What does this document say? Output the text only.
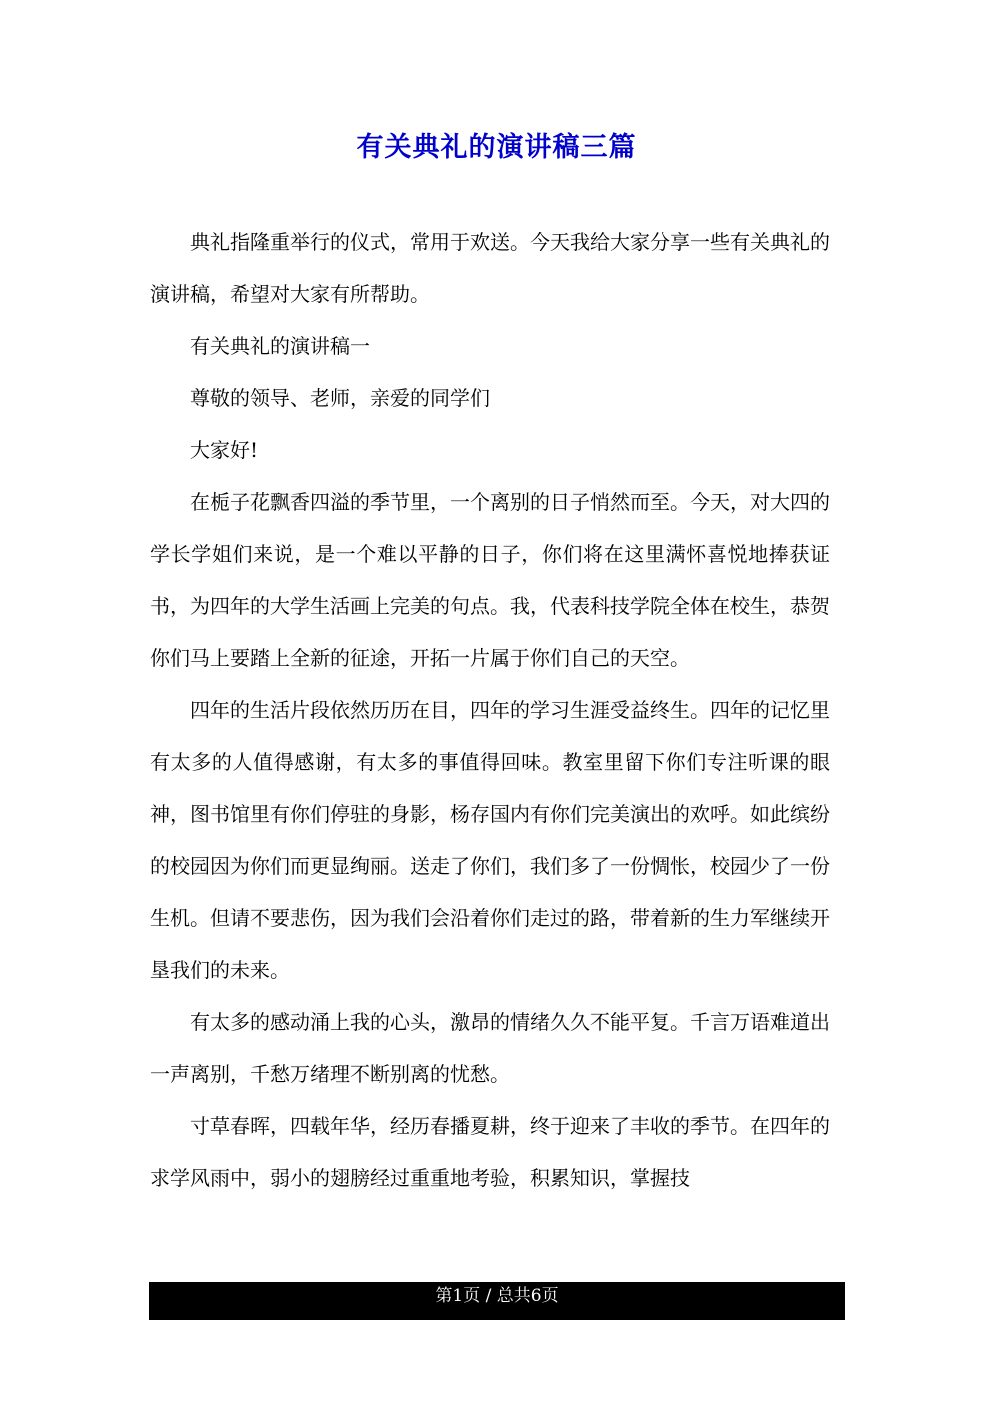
有关典礼的演讲稿三篇

典礼指隆重举行的仪式，常用于欢送。今天我给大家分享一些有关典礼的演讲稿，希望对大家有所帮助。

有关典礼的演讲稿一

尊敬的领导、老师，亲爱的同学们

大家好!

在栀子花飘香四溢的季节里，一个离别的日子悄然而至。今天，对大四的学长学姐们来说，是一个难以平静的日子，你们将在这里满怀喜悦地捧获证书，为四年的大学生活画上完美的句点。我，代表科技学院全体在校生，恭贺你们马上要踏上全新的征途，开拓一片属于你们自己的天空。

四年的生活片段依然历历在目，四年的学习生涯受益终生。四年的记忆里有太多的人值得感谢，有太多的事值得回味。教室里留下你们专注听课的眼神，图书馆里有你们停驻的身影，杨存国内有你们完美演出的欢呼。如此缤纷的校园因为你们而更显绚丽。送走了你们，我们多了一份惆怅，校园少了一份生机。但请不要悲伤，因为我们会沿着你们走过的路，带着新的生力军继续开垦我们的未来。

有太多的感动涌上我的心头，激昂的情绪久久不能平复。千言万语难道出一声离别，千愁万绪理不断别离的忧愁。

寸草春晖，四载年华，经历春播夏耕，终于迎来了丰收的季节。在四年的求学风雨中，弱小的翅膀经过重重地考验，积累知识，掌握技

第1页 / 总共6页
